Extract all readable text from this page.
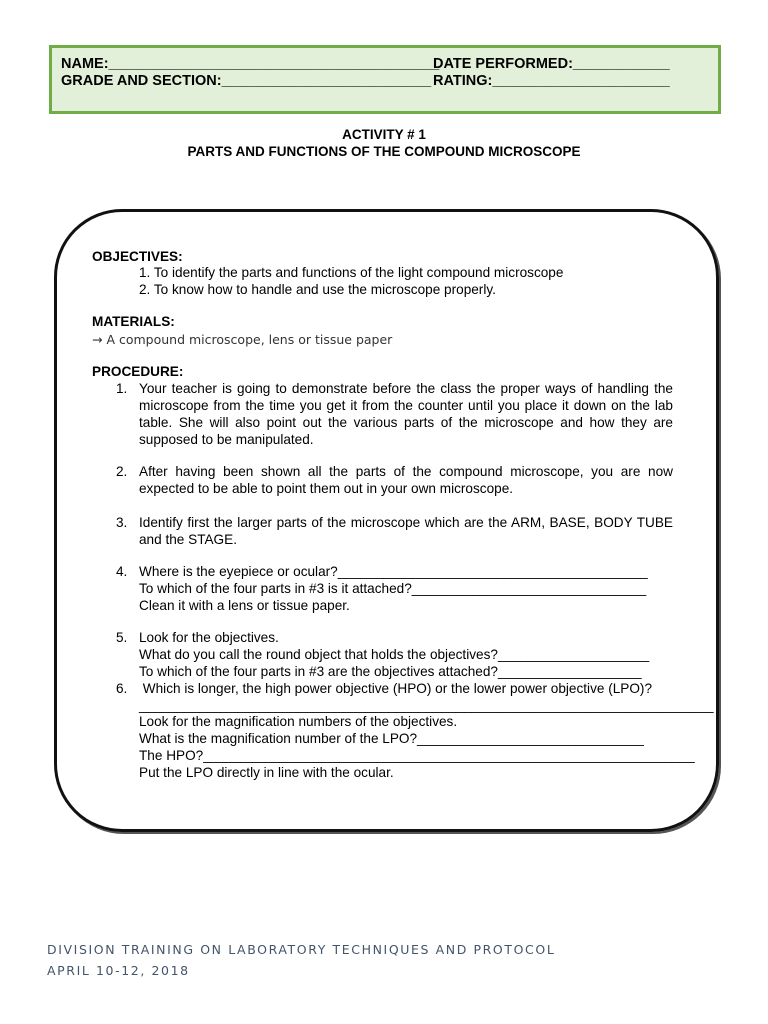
NAME:_________________________________________
DATE PERFORMED:____________
GRADE AND SECTION:__________________________ RATING:______________________
ACTIVITY # 1
PARTS AND FUNCTIONS OF THE COMPOUND MICROSCOPE
OBJECTIVES:
1. To identify the parts and functions of the light compound microscope
2. To know how to handle and use the microscope properly.
MATERIALS:
→ A compound microscope, lens or tissue paper
PROCEDURE:
1. Your teacher is going to demonstrate before the class the proper ways of handling the microscope from the time you get it from the counter until you place it down on the lab table. She will also point out the various parts of the microscope and how they are supposed to be manipulated.
2. After having been shown all the parts of the compound microscope, you are now expected to be able to point them out in your own microscope.
3. Identify first the larger parts of the microscope which are the ARM, BASE, BODY TUBE and the STAGE.
4. Where is the eyepiece or ocular?_________________________________________
To which of the four parts in #3 is it attached?_______________________________
Clean it with a lens or tissue paper.
5. Look for the objectives.
What do you call the round object that holds the objectives?____________________
To which of the four parts in #3 are the objectives attached?___________________
6. Which is longer, the high power objective (HPO) or the lower power objective (LPO)?
____________________________________________________________________________
Look for the magnification numbers of the objectives.
What is the magnification number of the LPO?______________________________
The HPO?_________________________________________________________________
Put the LPO directly in line with the ocular.
DIVISION TRAINING ON LABORATORY TECHNIQUES AND PROTOCOL
APRIL 10-12, 2018
